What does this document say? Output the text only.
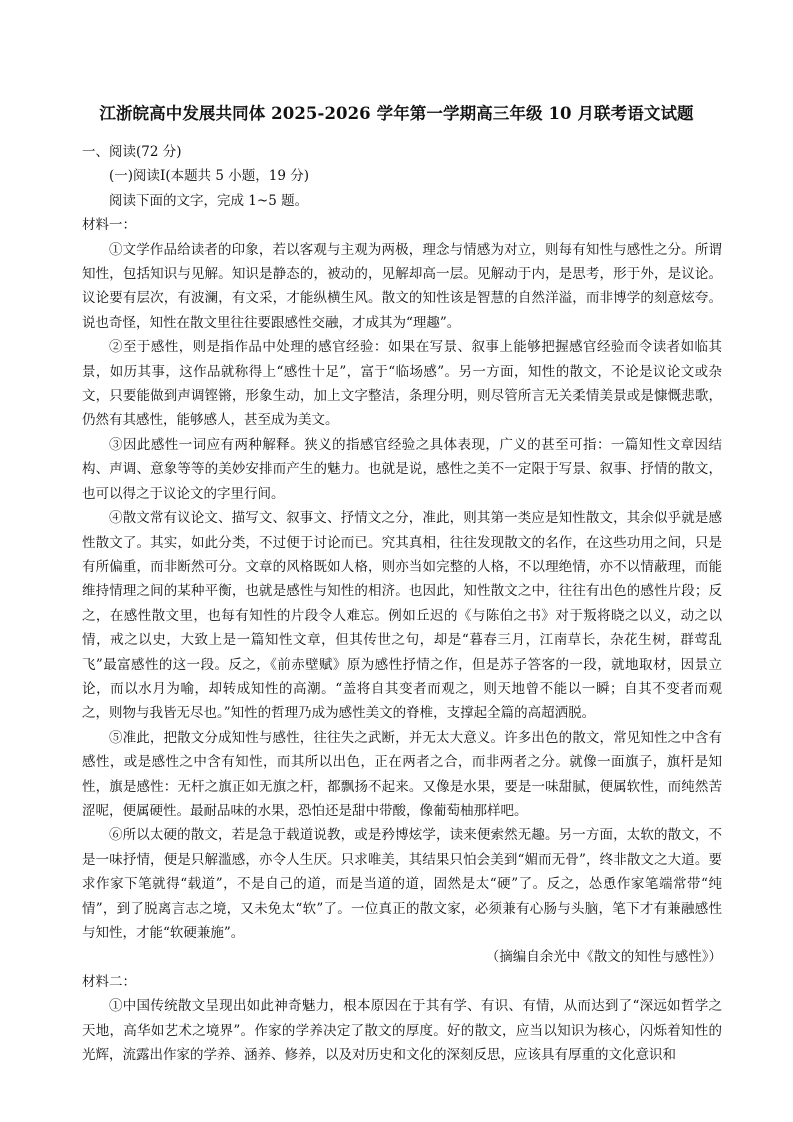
江浙皖高中发展共同体 2025-2026 学年第一学期高三年级 10 月联考语文试题

一、阅读(72 分)

(一)阅读Ⅰ(本题共 5 小题，19 分)

阅读下面的文字，完成 1~5 题。

材料一：

①文学作品给读者的印象，若以客观与主观为两极，理念与情感为对立，则每有知性与感性之分。所谓知性，包括知识与见解。知识是静态的，被动的，见解却高一层。见解动于内，是思考，形于外，是议论。议论要有层次，有波澜，有文采，才能纵横生风。散文的知性该是智慧的自然洋溢，而非博学的刻意炫夸。说也奇怪，知性在散文里往往要跟感性交融，才成其为“理趣”。

②至于感性，则是指作品中处理的感官经验：如果在写景、叙事上能够把握感官经验而令读者如临其景，如历其事，这作品就称得上“感性十足”，富于“临场感”。另一方面，知性的散文，不论是议论文或杂文，只要能做到声调铿锵，形象生动，加上文字整洁，条理分明，则尽管所言无关柔情美景或是慷慨悲歌，仍然有其感性，能够感人，甚至成为美文。

③因此感性一词应有两种解释。狭义的指感官经验之具体表现，广义的甚至可指：一篇知性文章因结构、声调、意象等等的美妙安排而产生的魅力。也就是说，感性之美不一定限于写景、叙事、抒情的散文，也可以得之于议论文的字里行间。

④散文常有议论文、描写文、叙事文、抒情文之分，准此，则其第一类应是知性散文，其余似乎就是感性散文了。其实，如此分类，不过便于讨论而已。究其真相，往往发现散文的名作，在这些功用之间，只是有所偏重，而非断然可分。文章的风格既如人格，则亦当如完整的人格，不以理绝情，亦不以情蔽理，而能维持情理之间的某种平衡，也就是感性与知性的相济。也因此，知性散文之中，往往有出色的感性片段；反之，在感性散文里，也每有知性的片段令人难忘。例如丘迟的《与陈伯之书》对于叛将晓之以义，动之以情，戒之以史，大致上是一篇知性文章，但其传世之句，却是“暮春三月，江南草长，杂花生树，群莺乱飞”最富感性的这一段。反之，《前赤壁赋》原为感性抒情之作，但是苏子答客的一段，就地取材，因景立论，而以水月为喻，却转成知性的高潮。“盖将自其变者而观之，则天地曾不能以一瞬；自其不变者而观之，则物与我皆无尽也。”知性的哲理乃成为感性美文的脊椎，支撑起全篇的高超洒脱。

⑤准此，把散文分成知性与感性，往往失之武断，并无太大意义。许多出色的散文，常见知性之中含有感性，或是感性之中含有知性，而其所以出色，正在两者之合，而非两者之分。就像一面旗子，旗杆是知性，旗是感性：无杆之旗正如无旗之杆，都飘扬不起来。又像是水果，要是一味甜腻，便属软性，而纯然苦涩呢，便属硬性。最耐品味的水果，恐怕还是甜中带酸，像葡萄柚那样吧。

⑥所以太硬的散文，若是急于载道说教，或是矜博炫学，读来便索然无趣。另一方面，太软的散文，不是一味抒情，便是只解滥感，亦令人生厌。只求唯美，其结果只怕会美到“媚而无骨”，终非散文之大道。要求作家下笔就得“载道”，不是自己的道，而是当道的道，固然是太“硬”了。反之，怂恿作家笔端常带“纯情”，到了脱离言志之境，又未免太“软”了。一位真正的散文家，必须兼有心肠与头脑，笔下才有兼融感性与知性，才能“软硬兼施”。

（摘编自余光中《散文的知性与感性》）

材料二：

①中国传统散文呈现出如此神奇魅力，根本原因在于其有学、有识、有情，从而达到了“深远如哲学之天地，高华如艺术之境界”。作家的学养决定了散文的厚度。好的散文，应当以知识为核心，闪烁着知性的光辉，流露出作家的学养、涵养、修养，以及对历史和文化的深刻反思，应该具有厚重的文化意识和
